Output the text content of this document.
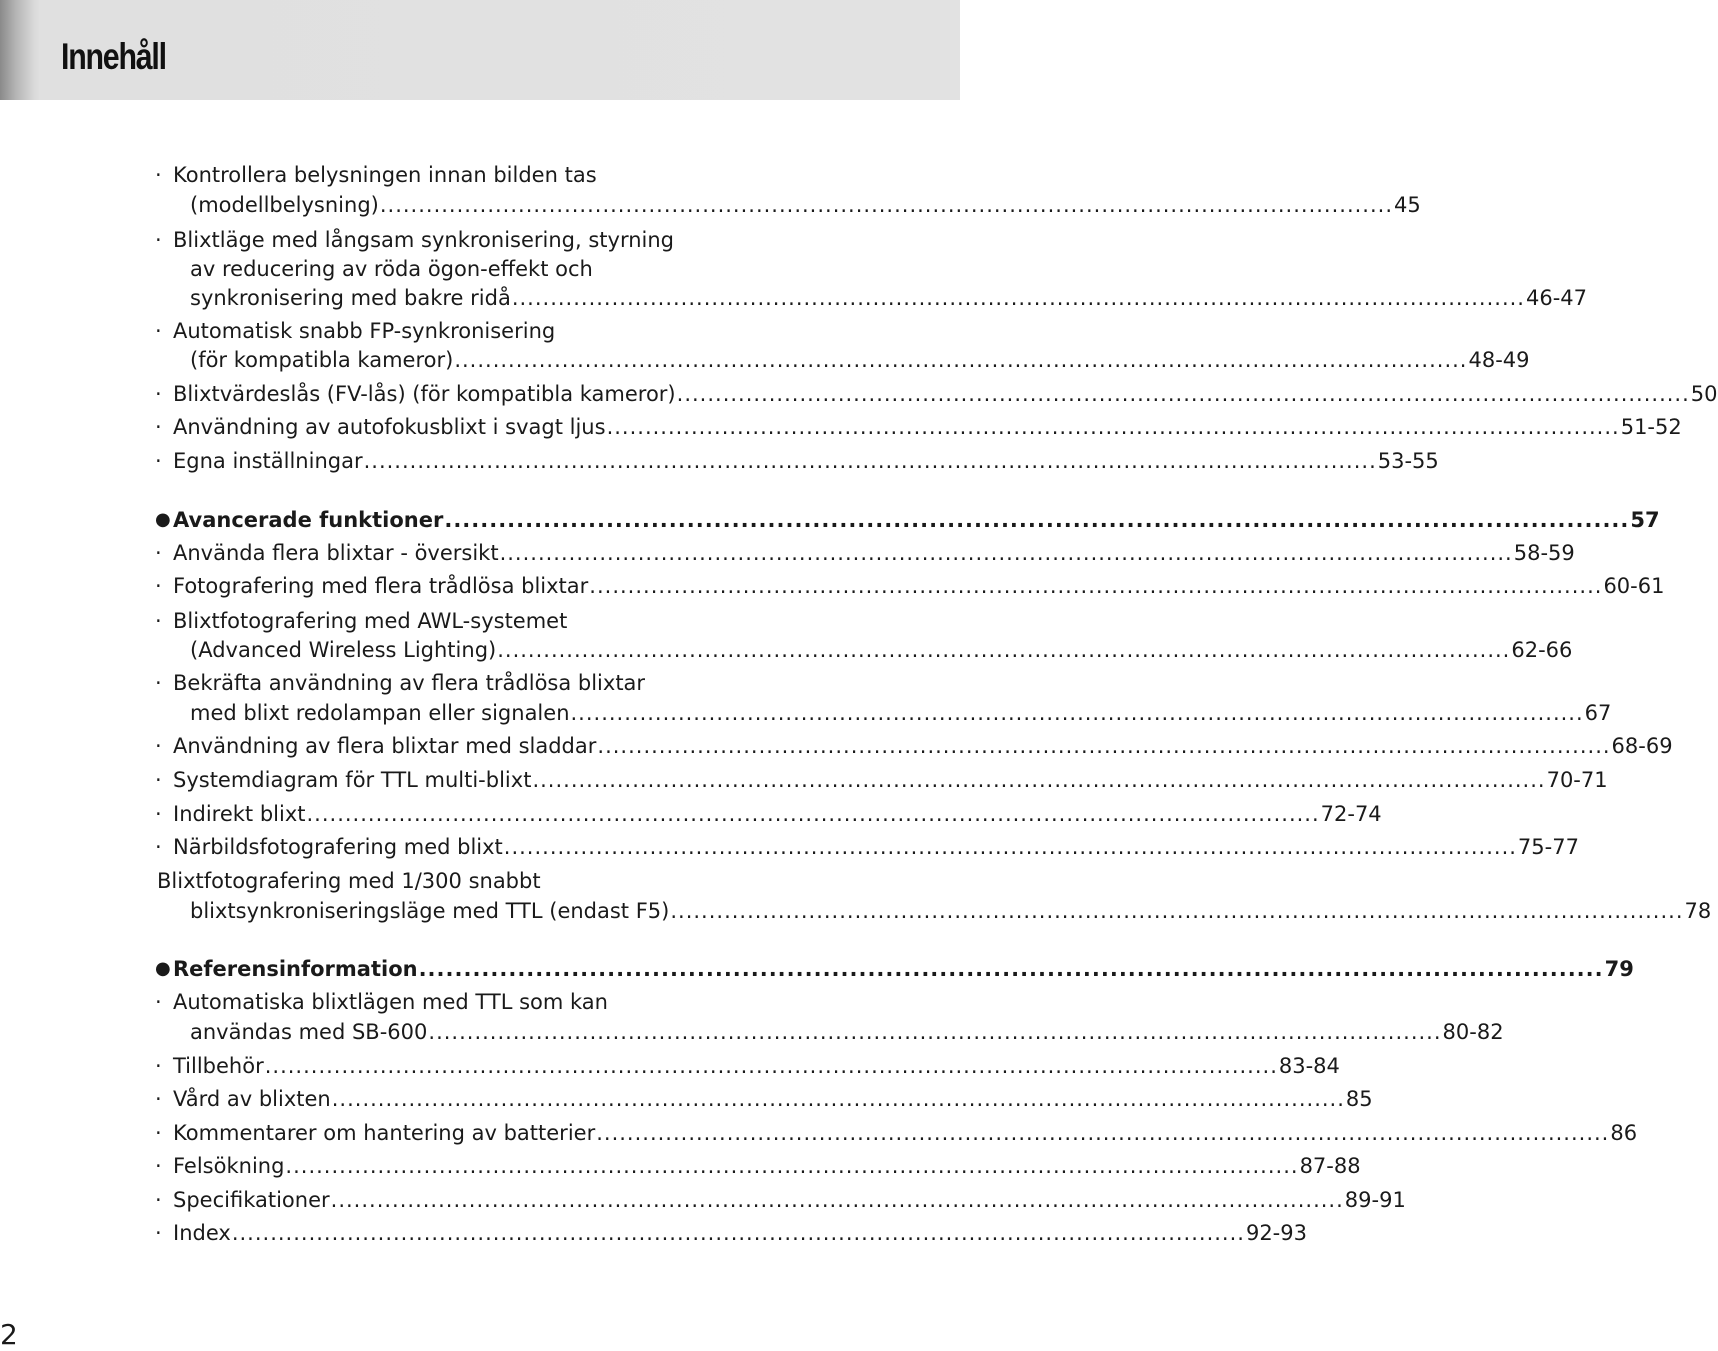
Innehåll
· Kontrollera belysningen innan bilden tas
(modellbelysning) .................................................................................................................................... 45
· Blixtläge med långsam synkronisering, styrning
av reducering av röda ögon-effekt och
synkronisering med bakre ridå .................................................................................................................................... 46-47
· Automatisk snabb FP-synkronisering
(för kompatibla kameror) .................................................................................................................................... 48-49
· Blixtvärdeslås (FV-lås) (för kompatibla kameror) .................................................................................................................................... 50
· Användning av autofokusblixt i svagt ljus .................................................................................................................................... 51-52
· Egna inställningar .................................................................................................................................... 53-55
● Avancerade funktioner .................................................................................................................................... 57
· Använda flera blixtar - översikt .................................................................................................................................... 58-59
· Fotografering med flera trådlösa blixtar .................................................................................................................................... 60-61
· Blixtfotografering med AWL-systemet
(Advanced Wireless Lighting) .................................................................................................................................... 62-66
· Bekräfta användning av flera trådlösa blixtar
med blixt redolampan eller signalen .................................................................................................................................... 67
· Användning av flera blixtar med sladdar .................................................................................................................................... 68-69
· Systemdiagram för TTL multi-blixt .................................................................................................................................... 70-71
· Indirekt blixt .................................................................................................................................... 72-74
· Närbildsfotografering med blixt .................................................................................................................................... 75-77
Blixtfotografering med 1/300 snabbt
blixtsynkroniseringsläge med TTL (endast F5) .................................................................................................................................... 78
● Referensinformation .................................................................................................................................... 79
· Automatiska blixtlägen med TTL som kan
användas med SB-600 .................................................................................................................................... 80-82
· Tillbehör .................................................................................................................................... 83-84
· Vård av blixten .................................................................................................................................... 85
· Kommentarer om hantering av batterier .................................................................................................................................... 86
· Felsökning .................................................................................................................................... 87-88
· Specifikationer .................................................................................................................................... 89-91
· Index .................................................................................................................................... 92-93
2
